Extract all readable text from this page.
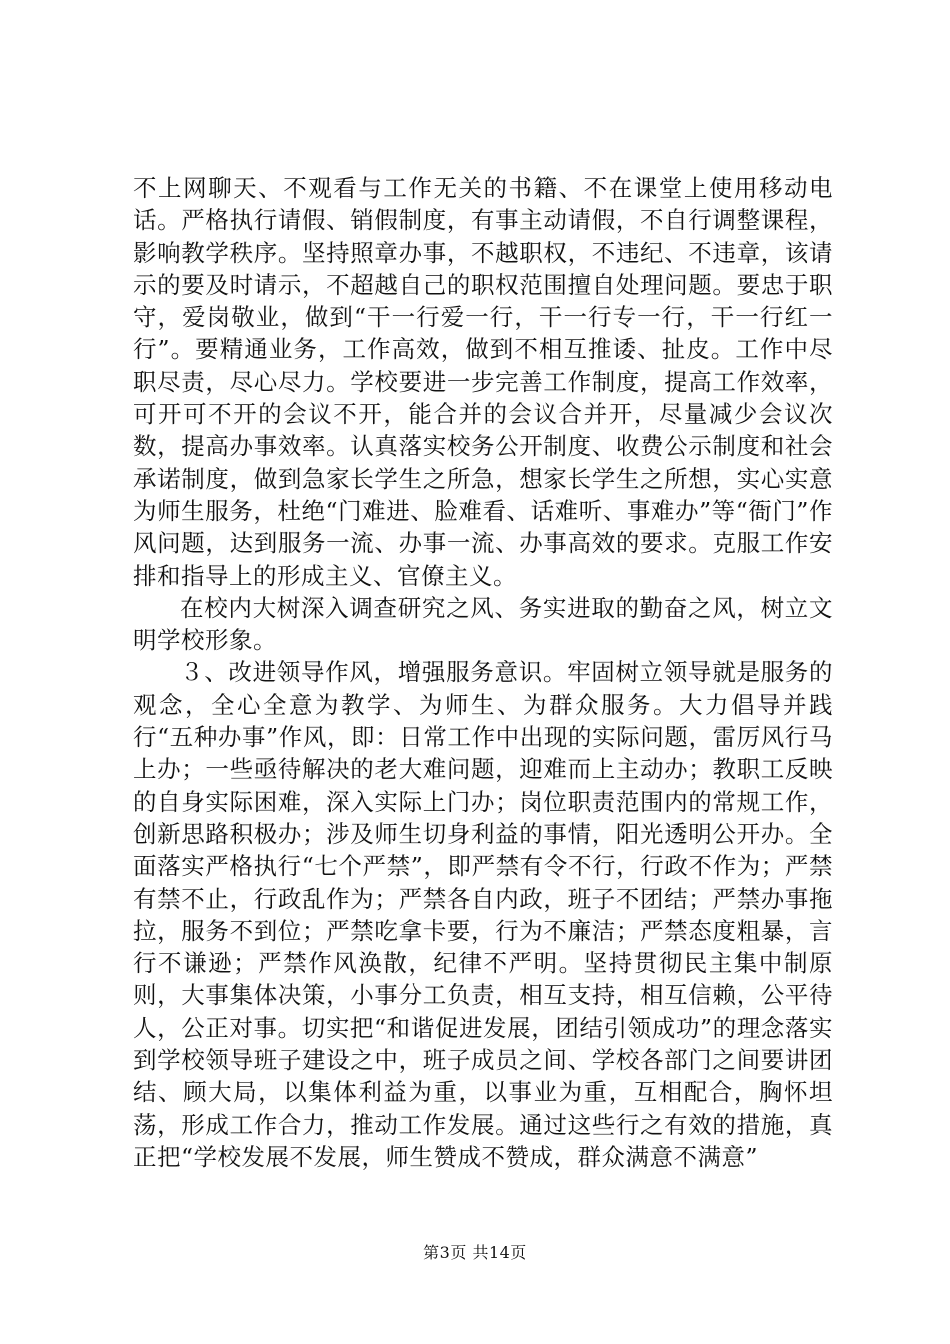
不上网聊天、不观看与工作无关的书籍、不在课堂上使用移动电话。严格执行请假、销假制度，有事主动请假，不自行调整课程，影响教学秩序。坚持照章办事，不越职权，不违纪、不违章，该请示的要及时请示，不超越自己的职权范围擅自处理问题。要忠于职守，爱岗敬业，做到“干一行爱一行，干一行专一行，干一行红一行”。要精通业务，工作高效，做到不相互推诿、扯皮。工作中尽职尽责，尽心尽力。学校要进一步完善工作制度，提高工作效率，可开可不开的会议不开，能合并的会议合并开，尽量减少会议次数，提高办事效率。认真落实校务公开制度、收费公示制度和社会承诺制度，做到急家长学生之所急，想家长学生之所想，实心实意为师生服务，杜绝“门难进、脸难看、话难听、事难办”等“衙门”作风问题，达到服务一流、办事一流、办事高效的要求。克服工作安排和指导上的形成主义、官僚主义。

在校内大树深入调查研究之风、务实进取的勤奋之风，树立文明学校形象。

３、改进领导作风，增强服务意识。牢固树立领导就是服务的观念，全心全意为教学、为师生、为群众服务。大力倡导并践行“五种办事”作风，即：日常工作中出现的实际问题，雷厉风行马上办；一些亟待解决的老大难问题，迎难而上主动办；教职工反映的自身实际困难，深入实际上门办；岗位职责范围内的常规工作，创新思路积极办；涉及师生切身利益的事情，阳光透明公开办。全面落实严格执行“七个严禁”，即严禁有令不行，行政不作为；严禁有禁不止，行政乱作为；严禁各自内政，班子不团结；严禁办事拖拉，服务不到位；严禁吃拿卡要，行为不廉洁；严禁态度粗暴，言行不谦逊；严禁作风涣散，纪律不严明。坚持贯彻民主集中制原则，大事集体决策，小事分工负责，相互支持，相互信赖，公平待人，公正对事。切实把“和谐促进发展，团结引领成功”的理念落实到学校领导班子建设之中，班子成员之间、学校各部门之间要讲团结、顾大局，以集体利益为重，以事业为重，互相配合，胸怀坦荡，形成工作合力，推动工作发展。通过这些行之有效的措施，真正把“学校发展不发展，师生赞成不赞成，群众满意不满意”

第3页 共14页
